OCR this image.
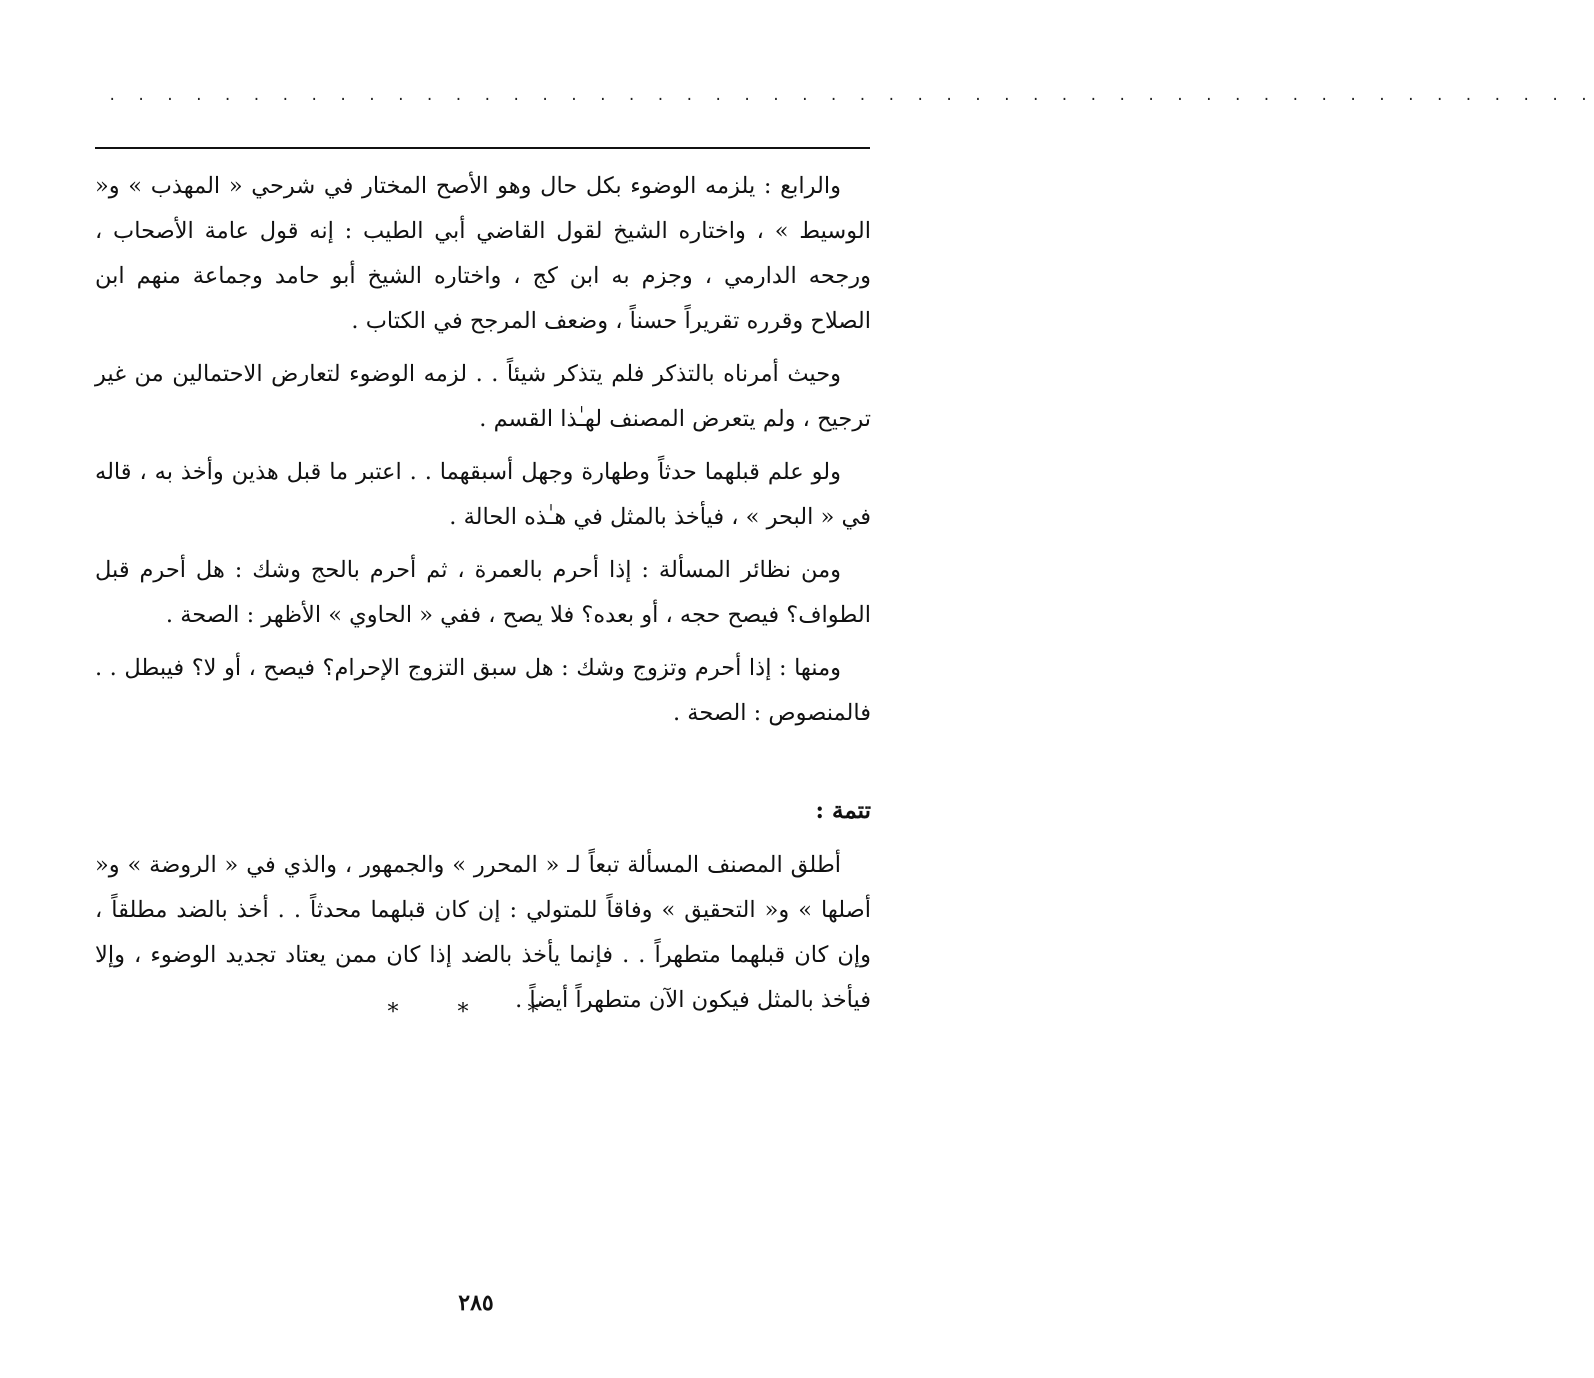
. . . . . . . . . . . . . . . . . . . . . . . . . . . . . . . . . . . . . . . . . . . . . . . . . . . .

والرابع : يلزمه الوضوء بكل حال وهو الأصح المختار في شرحي « المهذب » و« الوسيط » ، واختاره الشيخ لقول القاضي أبي الطيب : إنه قول عامة الأصحاب ، ورجحه الدارمي ، وجزم به ابن كج ، واختاره الشيخ أبو حامد وجماعة منهم ابن الصلاح وقرره تقريراً حسناً ، وضعف المرجح في الكتاب .

وحيث أمرناه بالتذكر فلم يتذكر شيئاً . . لزمه الوضوء لتعارض الاحتمالين من غير ترجيح ، ولم يتعرض المصنف لهـٰذا القسم .

ولو علم قبلهما حدثاً وطهارة وجهل أسبقهما . . اعتبر ما قبل هذين وأخذ به ، قاله في « البحر » ، فيأخذ بالمثل في هـٰذه الحالة .

ومن نظائر المسألة : إذا أحرم بالعمرة ، ثم أحرم بالحج وشك : هل أحرم قبل الطواف؟ فيصح حجه ، أو بعده؟ فلا يصح ، ففي « الحاوي » الأظهر : الصحة .

ومنها : إذا أحرم وتزوج وشك : هل سبق التزوج الإحرام؟ فيصح ، أو لا؟ فيبطل . . فالمنصوص : الصحة .

تتمة :

أطلق المصنف المسألة تبعاً لـ « المحرر » والجمهور ، والذي في « الروضة » و« أصلها » و« التحقيق » وفاقاً للمتولي : إن كان قبلهما محدثاً . . أخذ بالضد مطلقاً ، وإن كان قبلهما متطهراً . . فإنما يأخذ بالضد إذا كان ممن يعتاد تجديد الوضوء ، وإلا فيأخذ بالمثل فيكون الآن متطهراً أيضاً .

* * *
٢٨٥
